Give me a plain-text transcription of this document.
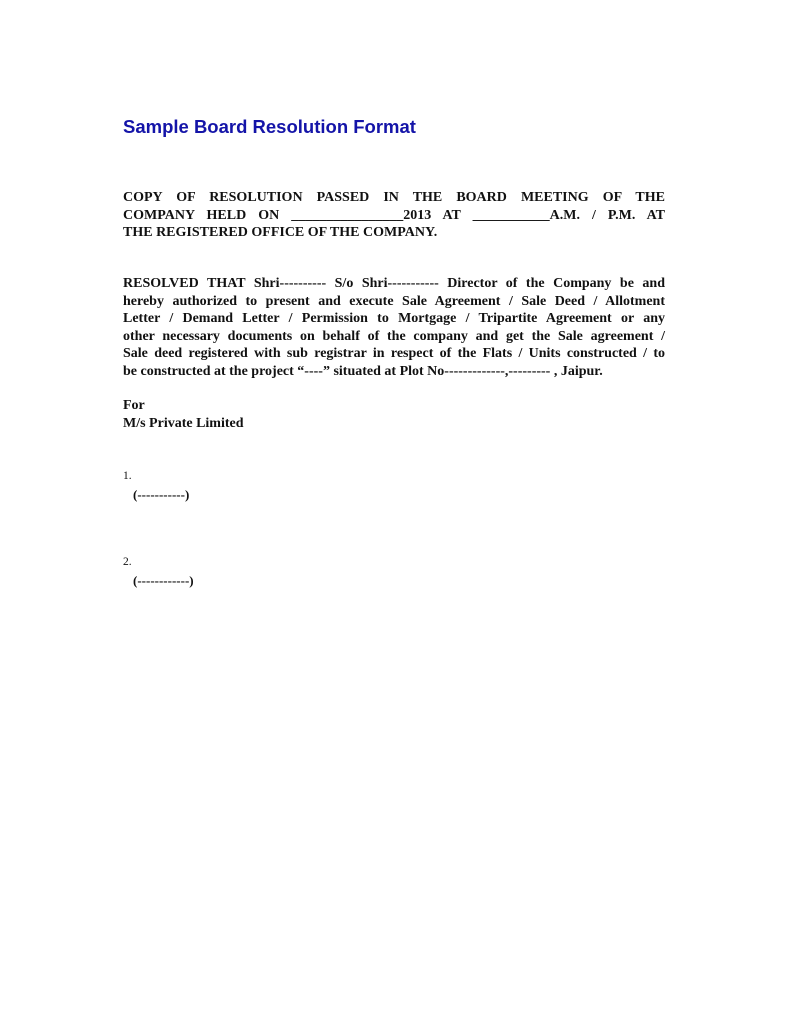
Sample Board Resolution Format
COPY OF RESOLUTION PASSED IN THE BOARD MEETING OF THE
COMPANY HELD ON ________________2013 AT ___________A.M. / P.M. AT
THE REGISTERED OFFICE OF THE COMPANY.
RESOLVED THAT Shri---------- S/o Shri----------- Director of the Company be and
hereby authorized to present and execute Sale Agreement / Sale Deed / Allotment
Letter / Demand Letter / Permission to Mortgage / Tripartite Agreement or any
other necessary documents on behalf of the company and get the Sale agreement /
Sale deed registered with sub registrar in respect of the Flats / Units constructed / to
be constructed at the project “----” situated at Plot No-------------,--------- , Jaipur.
For
M/s Private Limited
1.
(-----------)
2.
(------------)
